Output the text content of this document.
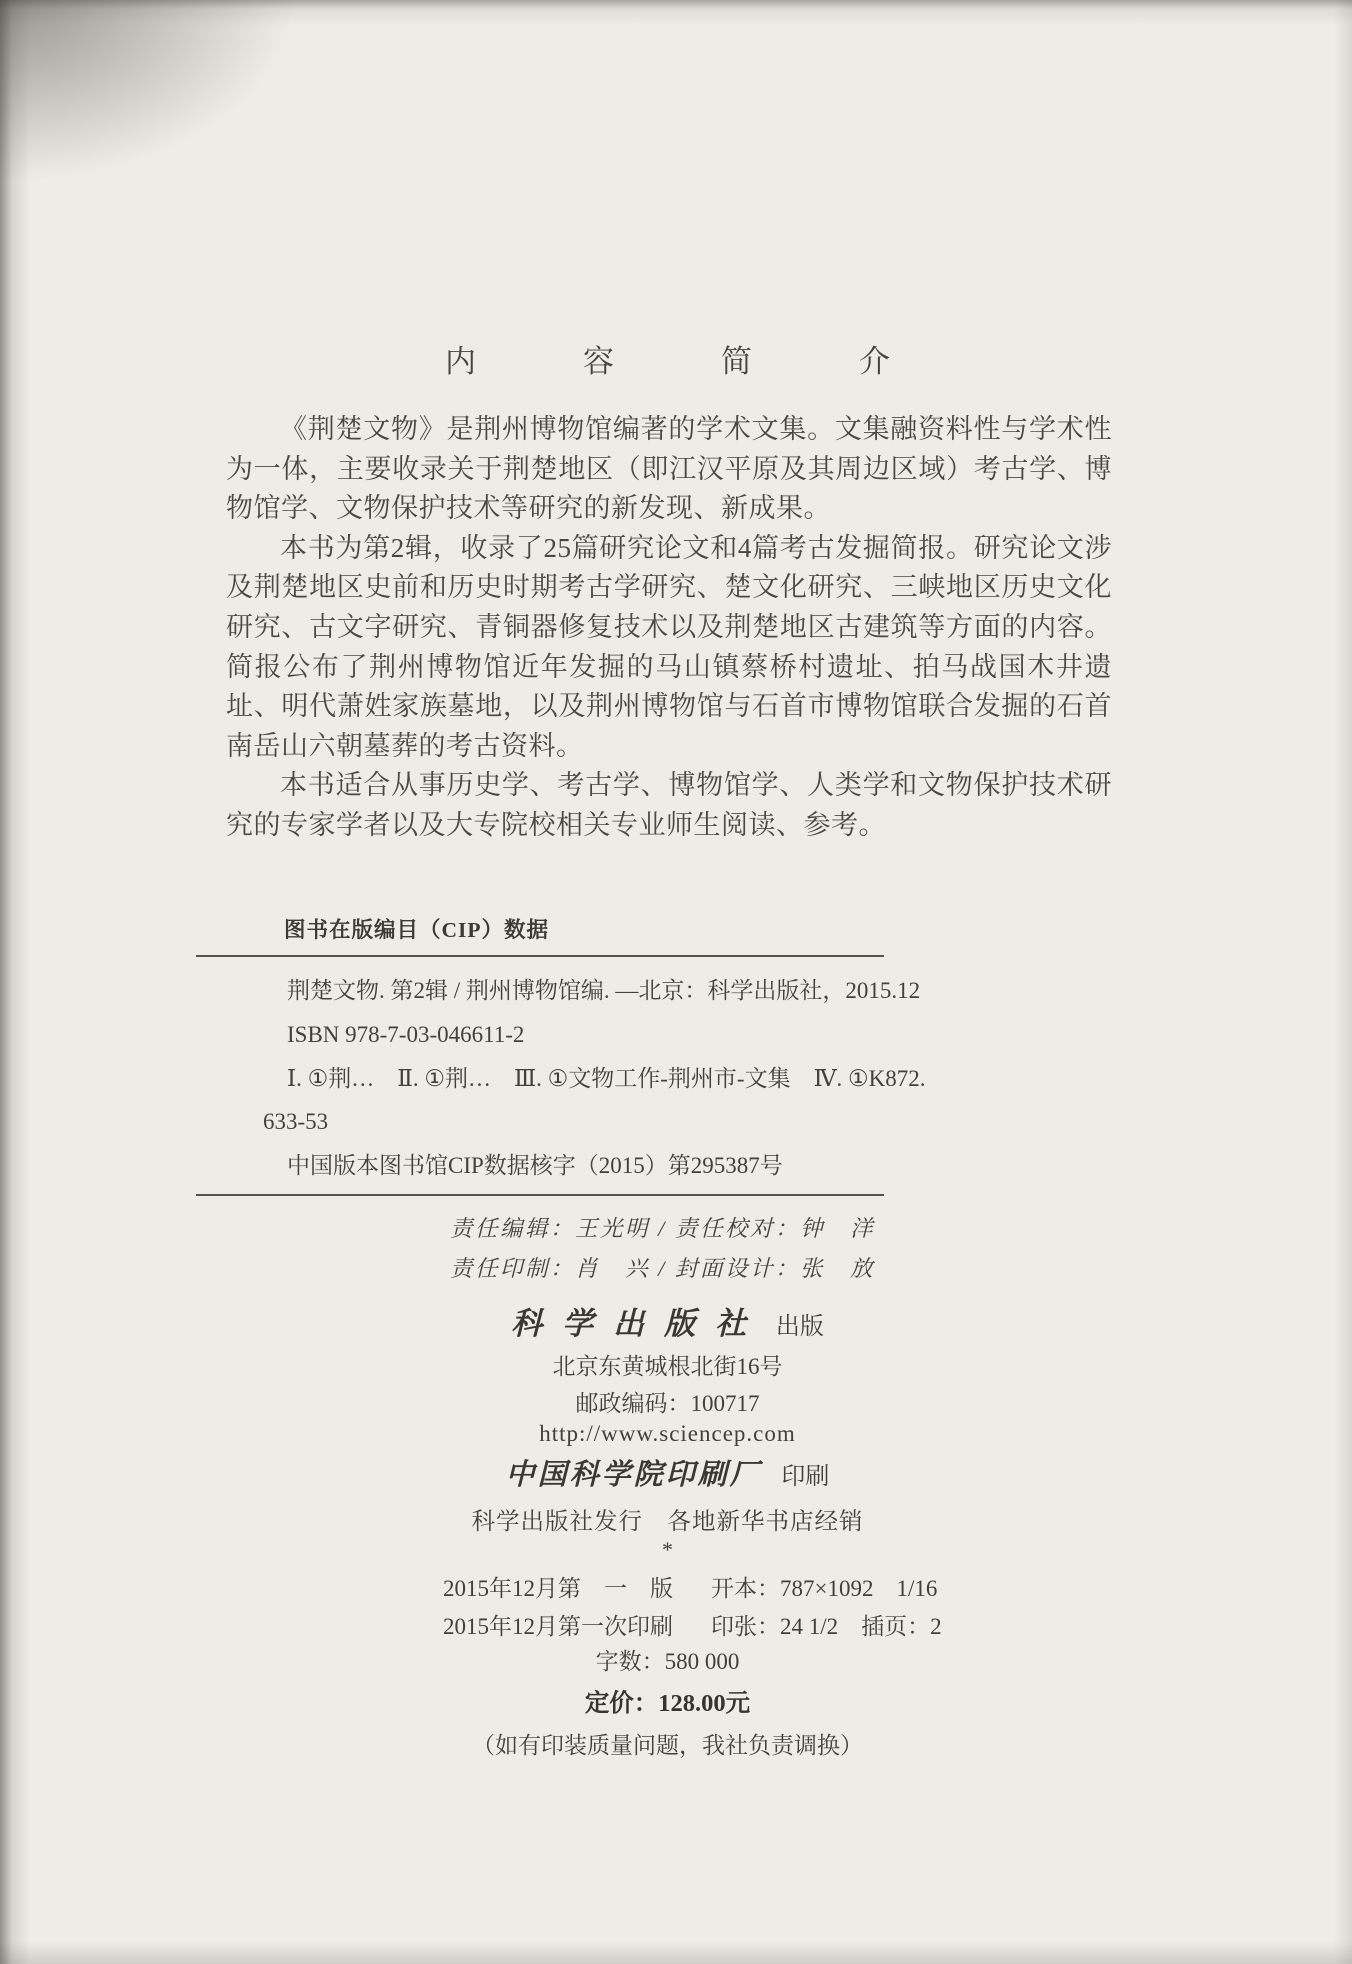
内　容　简　介

《荆楚文物》是荆州博物馆编著的学术文集。文集融资料性与学术性为一体，主要收录关于荆楚地区（即江汉平原及其周边区域）考古学、博物馆学、文物保护技术等研究的新发现、新成果。

本书为第2辑，收录了25篇研究论文和4篇考古发掘简报。研究论文涉及荆楚地区史前和历史时期考古学研究、楚文化研究、三峡地区历史文化研究、古文字研究、青铜器修复技术以及荆楚地区古建筑等方面的内容。简报公布了荆州博物馆近年发掘的马山镇蔡桥村遗址、拍马战国木井遗址、明代萧姓家族墓地，以及荆州博物馆与石首市博物馆联合发掘的石首南岳山六朝墓葬的考古资料。

本书适合从事历史学、考古学、博物馆学、人类学和文物保护技术研究的专家学者以及大专院校相关专业师生阅读、参考。

图书在版编目（CIP）数据
荆楚文物. 第2辑 / 荆州博物馆编. —北京：科学出版社，2015.12
ISBN 978-7-03-046611-2
Ⅰ. ①荆…　Ⅱ. ①荆…　Ⅲ. ①文物工作-荆州市-文集　Ⅳ. ①K872.
633-53
中国版本图书馆CIP数据核字（2015）第295387号
责任编辑：王光明 / 责任校对：钟　洋
责任印制：肖　兴 / 封面设计：张　放
科学出版社 出版
北京东黄城根北街16号
邮政编码：100717
http://www.sciencep.com
中国科学院印刷厂 印刷
科学出版社发行　各地新华书店经销
*
2015年12月第　一　版	开本：787×1092　1/16
2015年12月第一次印刷	印张：24 1/2　插页：2
字数：580 000
定价：128.00元
（如有印装质量问题，我社负责调换）
